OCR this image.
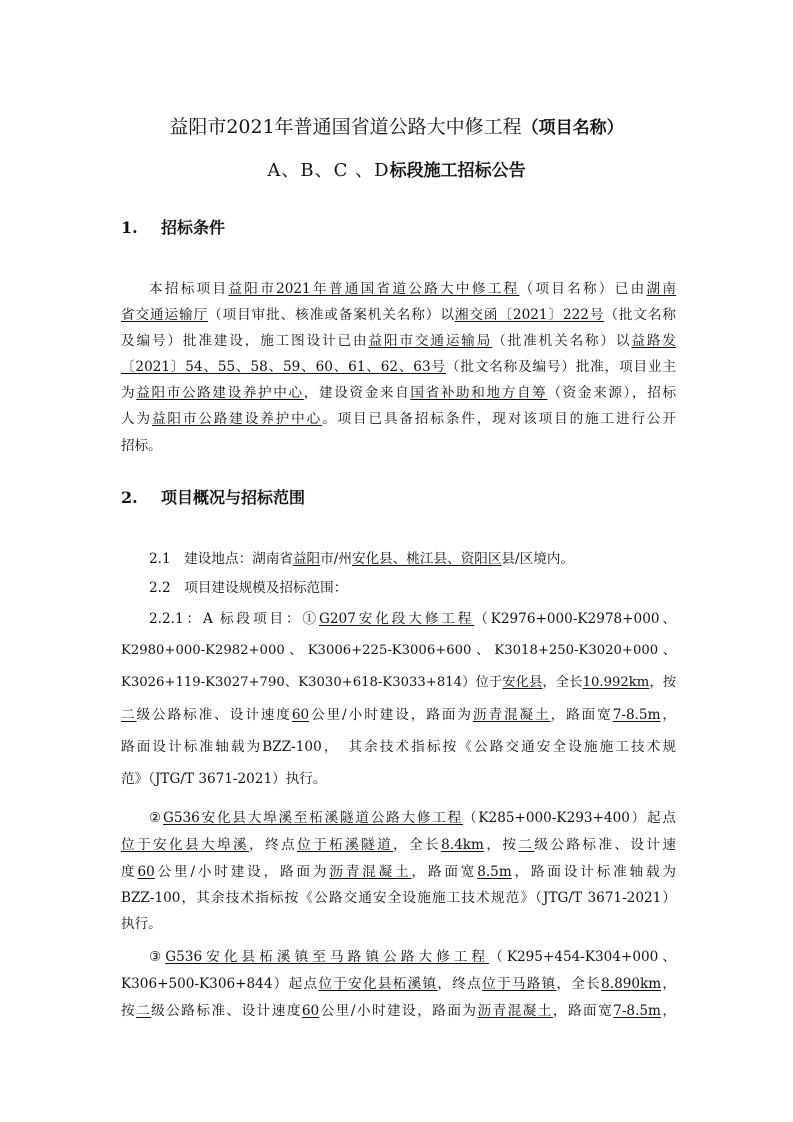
益阳市2021年普通国省道公路大中修工程（项目名称）
A、B、C 、D标段施工招标公告
1. 招标条件
本招标项目益阳市2021年普通国省道公路大中修工程（项目名称）已由湖南
省交通运输厅（项目审批、核准或备案机关名称）以湘交函〔2021〕222号（批文名称
及编号）批准建设，施工图设计已由益阳市交通运输局（批准机关名称）以益路发
〔2021〕54、55、58、59、60、61、62、63号（批文名称及编号）批准，项目业主
为益阳市公路建设养护中心，建设资金来自国省补助和地方自筹（资金来源），招标
人为益阳市公路建设养护中心。项目已具备招标条件，现对该项目的施工进行公开
招标。
2. 项目概况与招标范围
2.1　建设地点：湖南省益阳市/州安化县、桃江县、资阳区县/区境内。
2.2　项目建设规模及招标范围：
2.2.1：A 标段项目：①G207安化段大修工程（K2976+000-K2978+000、
K2980+000-K2982+000 、 K3006+225-K3006+600 、 K3018+250-K3020+000 、
K3026+119-K3027+790、K3030+618-K3033+814）位于安化县，全长10.992km，按
二级公路标准、设计速度60公里/小时建设，路面为沥青混凝土，路面宽7-8.5m，
路面设计标准轴载为BZZ-100，　其余技术指标按《公路交通安全设施施工技术规
范》（JTG/T 3671-2021）执行。
②G536安化县大埠溪至柘溪隧道公路大修工程（K285+000-K293+400）起点
位于安化县大埠溪，终点位于柘溪隧道，全长8.4km，按二级公路标准、设计速
度60公里/小时建设，路面为沥青混凝土，路面宽8.5m，路面设计标准轴载为
BZZ-100，其余技术指标按《公路交通安全设施施工技术规范》（JTG/T 3671-2021）
执行。
③G536安化县柘溪镇至马路镇公路大修工程（K295+454-K304+000、
K306+500-K306+844）起点位于安化县柘溪镇，终点位于马路镇，全长8.890km，
按二级公路标准、设计速度60公里/小时建设，路面为沥青混凝土，路面宽7-8.5m，
